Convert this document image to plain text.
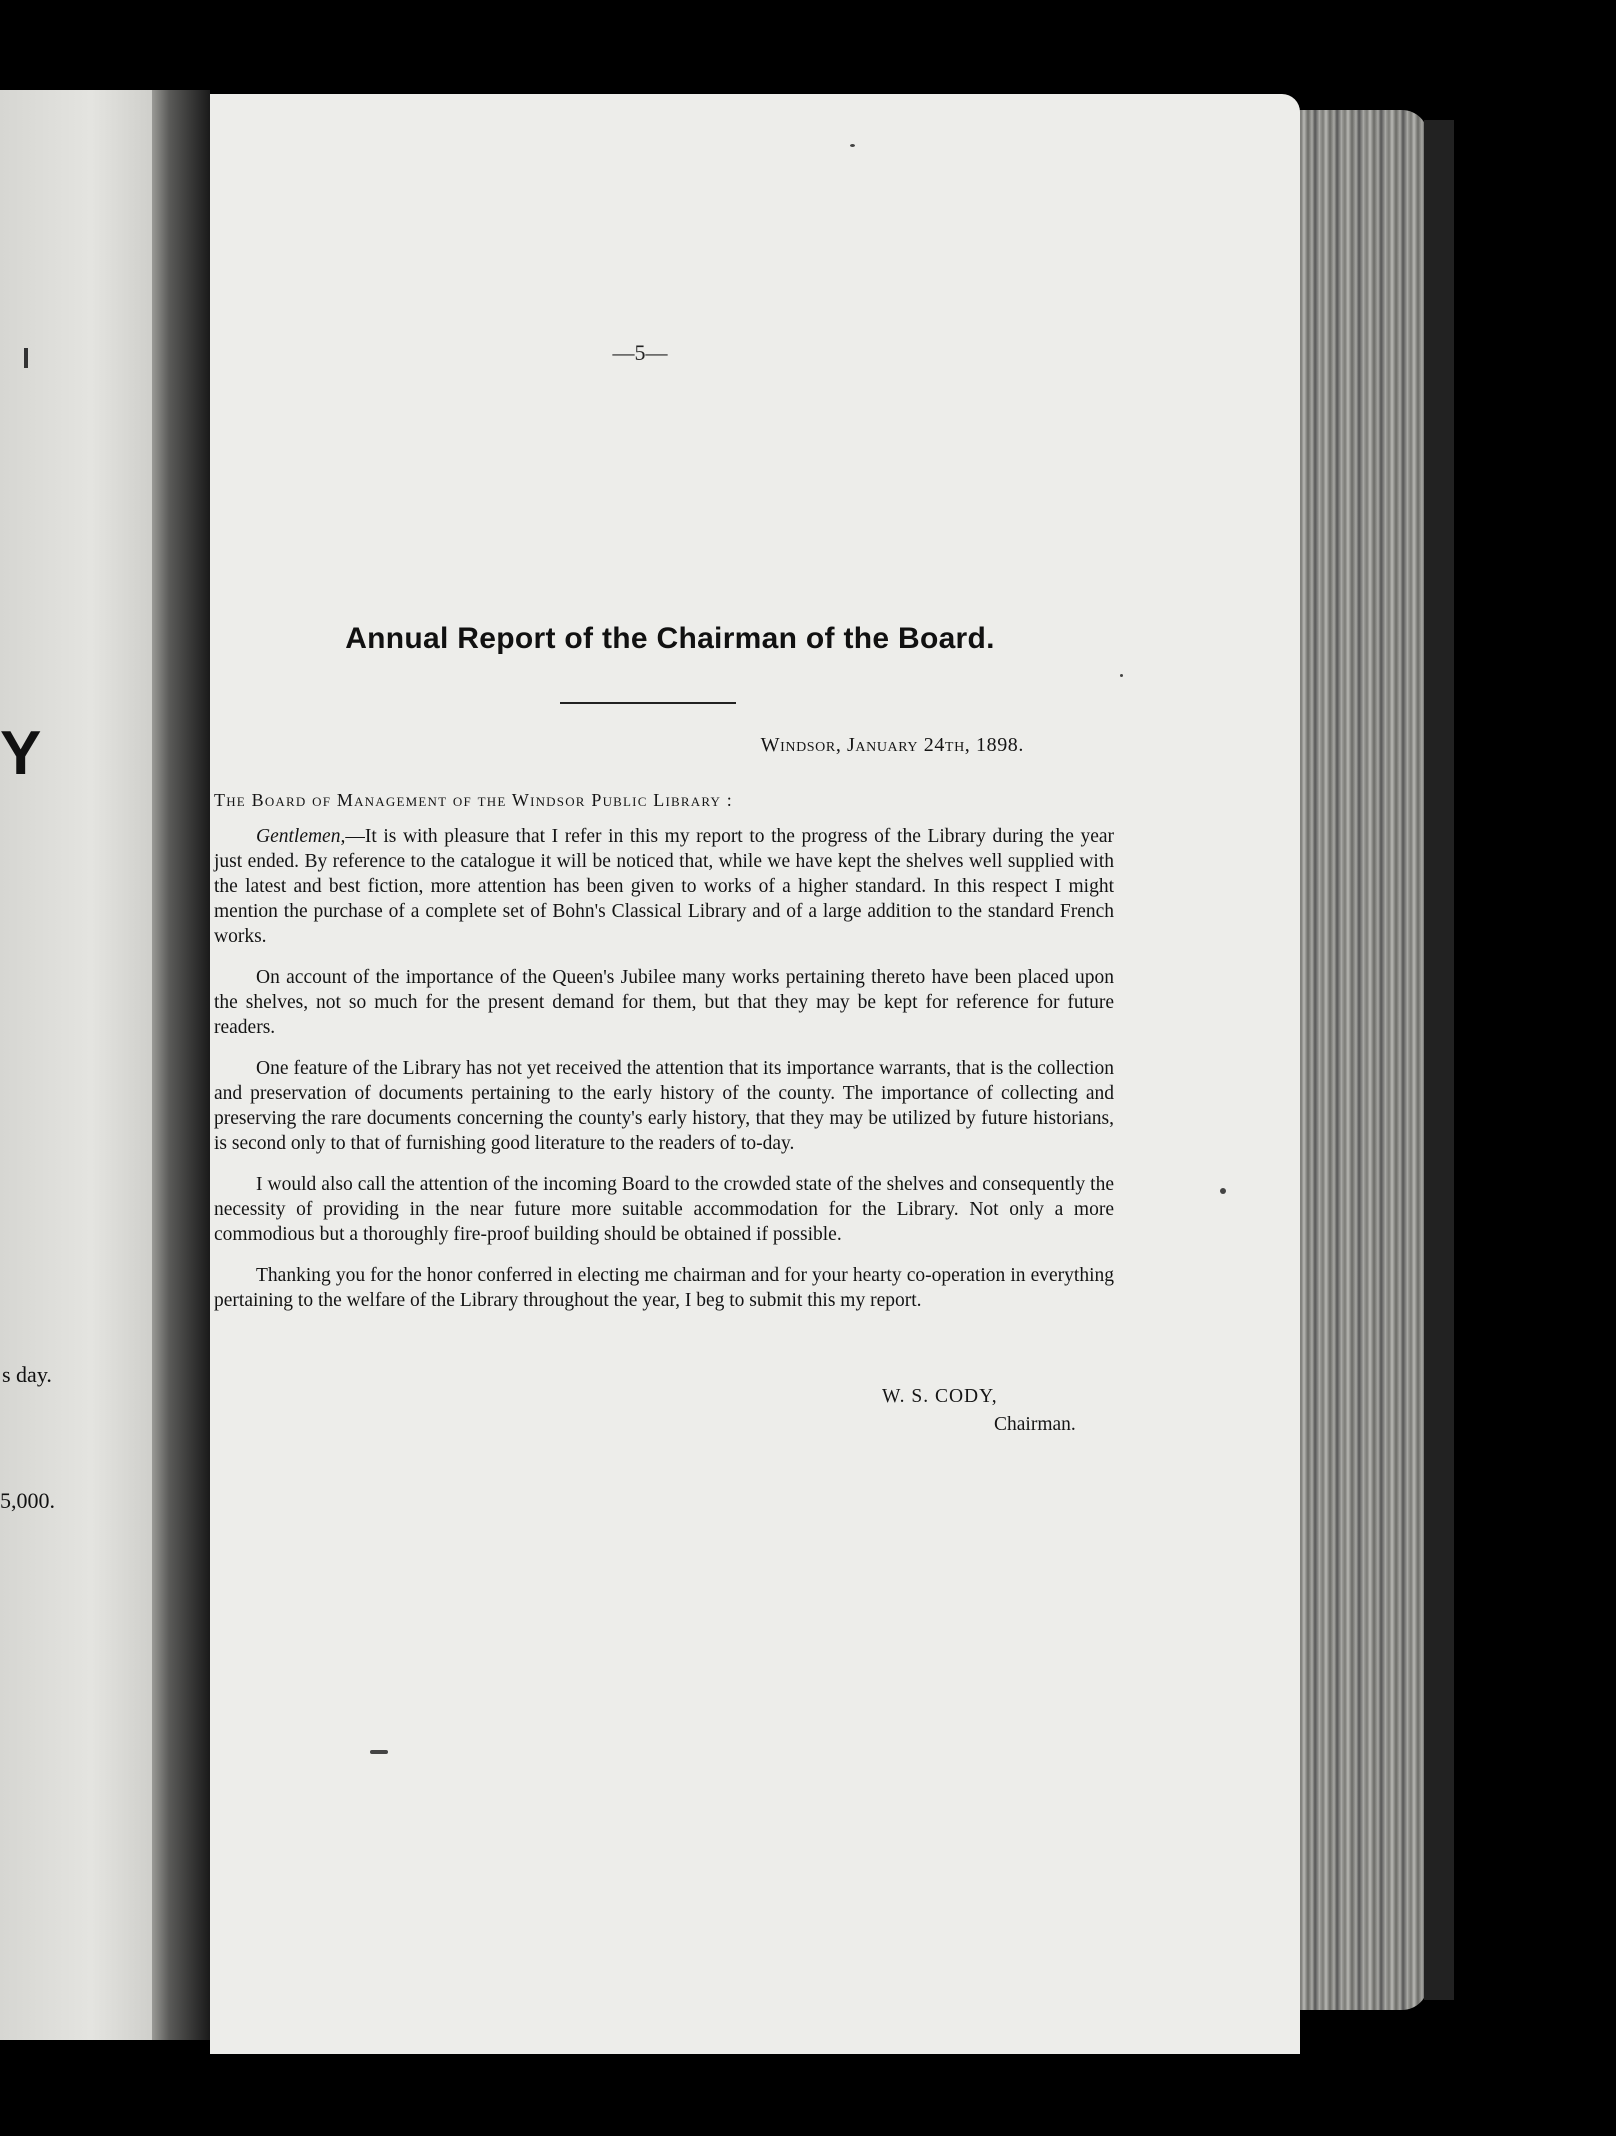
Y
s day.
5,000.
—5—
Annual Report of the Chairman of the Board.
Windsor, January 24th, 1898.
The Board of Management of the Windsor Public Library :

Gentlemen,—It is with pleasure that I refer in this my report to the progress of the Library during the year just ended. By reference to the catalogue it will be noticed that, while we have kept the shelves well supplied with the latest and best fiction, more attention has been given to works of a higher standard. In this respect I might mention the purchase of a complete set of Bohn's Classical Library and of a large addition to the standard French works.

On account of the importance of the Queen's Jubilee many works pertaining thereto have been placed upon the shelves, not so much for the present demand for them, but that they may be kept for reference for future readers.

One feature of the Library has not yet received the attention that its importance warrants, that is the collection and preservation of documents pertaining to the early history of the county. The importance of collecting and preserving the rare documents concerning the county's early history, that they may be utilized by future historians, is second only to that of furnishing good literature to the readers of to-day.

I would also call the attention of the incoming Board to the crowded state of the shelves and consequently the necessity of providing in the near future more suitable accommodation for the Library. Not only a more commodious but a thoroughly fire-proof building should be obtained if possible.

Thanking you for the honor conferred in electing me chairman and for your hearty co-operation in everything pertaining to the welfare of the Library throughout the year, I beg to submit this my report.

W. S. CODY,
Chairman.
